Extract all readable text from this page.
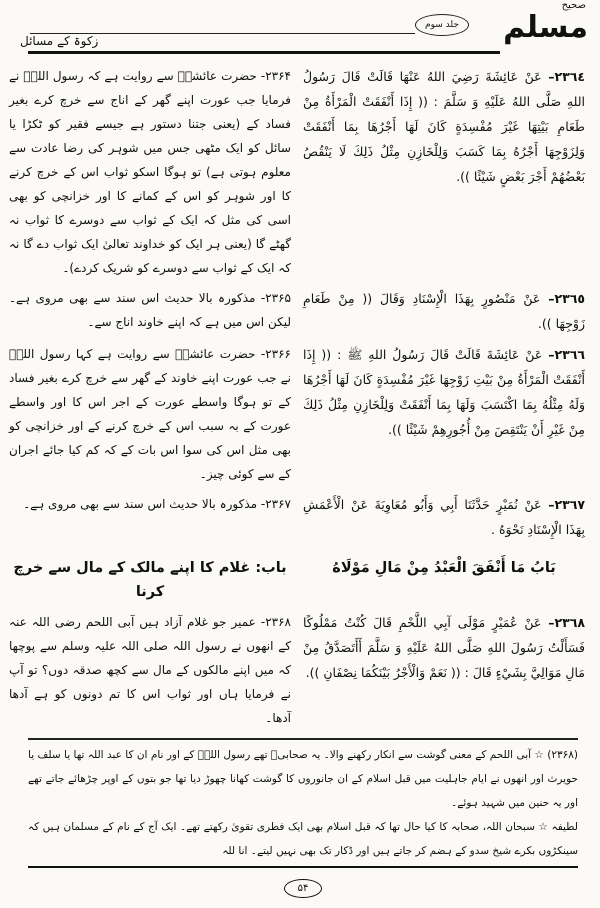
صحیح
مسلم
جلد سوم
زکوۃ کے مسائل
٢٣٦٤– عَنْ عَائِشَةَ رَضِيَ اللهُ عَنْهَا قَالَتْ قَالَ رَسُولُ اللهِ صَلَّى اللهُ عَلَيْهِ وَ سَلَّمَ : (( إِذَا أَنْفَقَتْ الْمَرْأَةُ مِنْ طَعَامِ بَيْتِهَا غَيْرَ مُفْسِدَةٍ كَانَ لَهَا أَجْرُهَا بِمَا أَنْفَقَتْ وَلِزَوْجِهَا أَجْرُهُ بِمَا كَسَبَ وَلِلْخَازِنِ مِثْلُ ذَلِكَ لَا يَنْقُصُ بَعْضُهُمْ أَجْرَ بَعْضٍ شَيْئًا )).
۲۳۶۴- حضرت عائشہؓ سے روایت ہے کہ رسول اللہؐ نے فرمایا جب عورت اپنے گھر کے اناج سے خرچ کرے بغیر فساد کے (یعنی جتنا دستور ہے جیسے فقیر کو ٹکڑا یا سائل کو ایک مٹھی جس میں شوہر کی رضا عادت سے معلوم ہوتی ہے) تو ہوگا اسکو ثواب اس کے خرچ کرنے کا اور شوہر کو اس کے کمانے کا اور خزانچی کو بھی اسی کی مثل کہ ایک کے ثواب سے دوسرے کا ثواب نہ گھٹے گا (یعنی ہر ایک کو خداوند تعالیٰ ایک ثواب دے گا نہ کہ ایک کے ثواب سے دوسرے کو شریک کردے)۔
٢٣٦٥– عَنْ مَنْصُورٍ بِهَذَا الْإِسْنَادِ وَقَالَ (( مِنْ طَعَامِ زَوْجِهَا )).
۲۳۶۵- مذکورہ بالا حدیث اس سند سے بھی مروی ہے۔ لیکن اس میں ہے کہ اپنے خاوند اناج سے۔
٢٣٦٦– عَنْ عَائِشَةَ قَالَتْ قَالَ رَسُولُ اللهِ ﷺ : (( إِذَا أَنْفَقَتْ الْمَرْأَةُ مِنْ بَيْتِ زَوْجِهَا غَيْرَ مُفْسِدَةٍ كَانَ لَهَا أَجْرُهَا وَلَهُ مِثْلُهُ بِمَا اكْتَسَبَ وَلَهَا بِمَا أَنْفَقَتْ وَلِلْخَازِنِ مِثْلُ ذَلِكَ مِنْ غَيْرِ أَنْ يَنْتَقِصَ مِنْ أُجُورِهِمْ شَيْئًا )).
۲۳۶۶- حضرت عائشہؓ سے روایت ہے کہا رسول اللہؐ نے جب عورت اپنے خاوند کے گھر سے خرچ کرے بغیر فساد کے تو ہوگا واسطے عورت کے اجر اس کا اور واسطے عورت کے بہ سبب اس کے خرچ کرنے کے اور خزانچی کو بھی مثل اس کی سوا اس بات کے کہ کم کیا جائے اجران کے سے کوئی چیز۔
٢٣٦٧– عَنْ نُمَيْرٍ حَدَّثَنَا أَبِي وَأَبُو مُعَاوِيَةَ عَنْ الْأَعْمَشِ بِهَذَا الْإِسْنَادِ نَحْوَهُ .
۲۳۶۷- مذکورہ بالا حدیث اس سند سے بھی مروی ہے۔
بَابُ مَا أَنْفَقَ الْعَبْدُ مِنْ مَالِ مَوْلَاهُ
باب: غلام کا اپنے مالک کے مال سے خرچ کرنا
٢٣٦٨– عَنْ عُمَيْرٍ مَوْلَى آبِي اللَّحْمِ قَالَ كُنْتُ مَمْلُوكًا فَسَأَلْتُ رَسُولَ اللهِ صَلَّى اللهُ عَلَيْهِ وَ سَلَّمَ أَأَتَصَدَّقُ مِنْ مَالِ مَوَالِيَّ بِشَيْءٍ قَالَ : (( نَعَمْ وَالْأَجْرُ بَيْنَكُمَا نِصْفَانِ )).
۲۳۶۸- عمیر جو غلام آزاد ہیں آبی اللحم رضی اللہ عنہ کے انھوں نے رسول اللہ صلی اللہ علیہ وسلم سے پوچھا کہ میں اپنے مالکوں کے مال سے کچھ صدقہ دوں؟ تو آپ نے فرمایا ہاں اور ثواب اس کا تم دونوں کو ہے آدھا آدھا۔
(۲۳۶۸) ☆ آبی اللحم کے معنی گوشت سے انکار رکھنے والا۔ یہ صحابیؓ تھے رسول اللہؐ کے اور نام ان کا عبد اللہ تھا یا سلف یا حویرث اور انھوں نے ایام جاہلیت میں قبل اسلام کے ان جانوروں کا گوشت کھانا چھوڑ دیا تھا جو بتوں کے اوپر چڑھائے جاتے تھے اور یہ حنین میں شہید ہوئے۔
لطیفہ ☆ سبحان اللہ، صحابہ کا کیا حال تھا کہ قبل اسلام بھی ایک فطری تقویٰ رکھتے تھے۔ ایک آج کے نام کے مسلمان ہیں کہ سینکڑوں بکرے شیخ سدو کے ہضم کر جاتے ہیں اور ڈکار تک بھی نہیں لیتے۔ انا للہ
۵۴
